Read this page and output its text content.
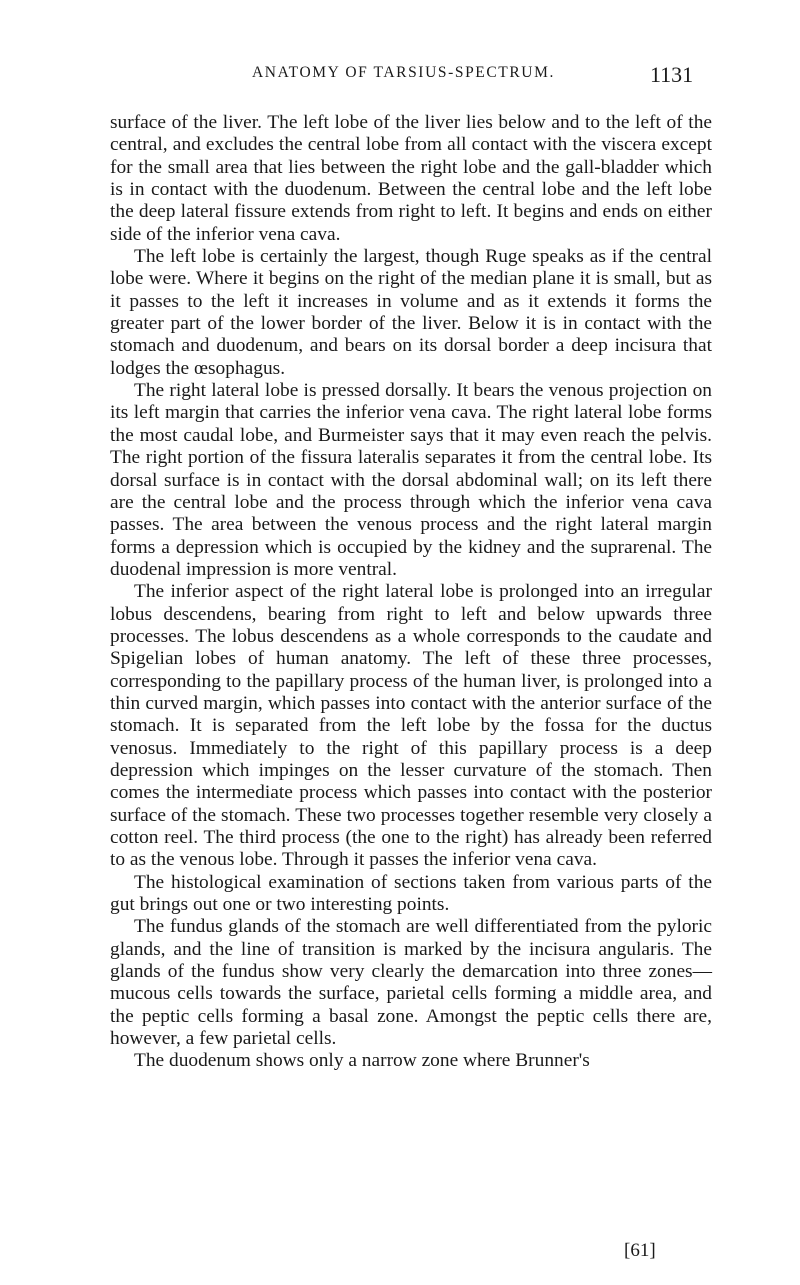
ANATOMY OF TARSIUS-SPECTRUM.	1131

surface of the liver. The left lobe of the liver lies below and to the left of the central, and excludes the central lobe from all contact with the viscera except for the small area that lies between the right lobe and the gall-bladder which is in contact with the duodenum. Between the central lobe and the left lobe the deep lateral fissure extends from right to left. It begins and ends on either side of the inferior vena cava.

The left lobe is certainly the largest, though Ruge speaks as if the central lobe were. Where it begins on the right of the median plane it is small, but as it passes to the left it increases in volume and as it extends it forms the greater part of the lower border of the liver. Below it is in contact with the stomach and duodenum, and bears on its dorsal border a deep incisura that lodges the œsophagus.

The right lateral lobe is pressed dorsally. It bears the venous projection on its left margin that carries the inferior vena cava. The right lateral lobe forms the most caudal lobe, and Burmeister says that it may even reach the pelvis. The right portion of the fissura lateralis separates it from the central lobe. Its dorsal surface is in contact with the dorsal abdominal wall; on its left there are the central lobe and the process through which the inferior vena cava passes. The area between the venous process and the right lateral margin forms a depression which is occupied by the kidney and the suprarenal. The duodenal impression is more ventral.

The inferior aspect of the right lateral lobe is prolonged into an irregular lobus descendens, bearing from right to left and below upwards three processes. The lobus descendens as a whole corresponds to the caudate and Spigelian lobes of human anatomy. The left of these three processes, corresponding to the papillary process of the human liver, is prolonged into a thin curved margin, which passes into contact with the anterior surface of the stomach. It is separated from the left lobe by the fossa for the ductus venosus. Immediately to the right of this papillary process is a deep depression which impinges on the lesser curvature of the stomach. Then comes the intermediate process which passes into contact with the posterior surface of the stomach. These two processes together resemble very closely a cotton reel. The third process (the one to the right) has already been referred to as the venous lobe. Through it passes the inferior vena cava.

The histological examination of sections taken from various parts of the gut brings out one or two interesting points.

The fundus glands of the stomach are well differentiated from the pyloric glands, and the line of transition is marked by the incisura angularis. The glands of the fundus show very clearly the demarcation into three zones—mucous cells towards the surface, parietal cells forming a middle area, and the peptic cells forming a basal zone. Amongst the peptic cells there are, however, a few parietal cells.

The duodenum shows only a narrow zone where Brunner's

[61]
